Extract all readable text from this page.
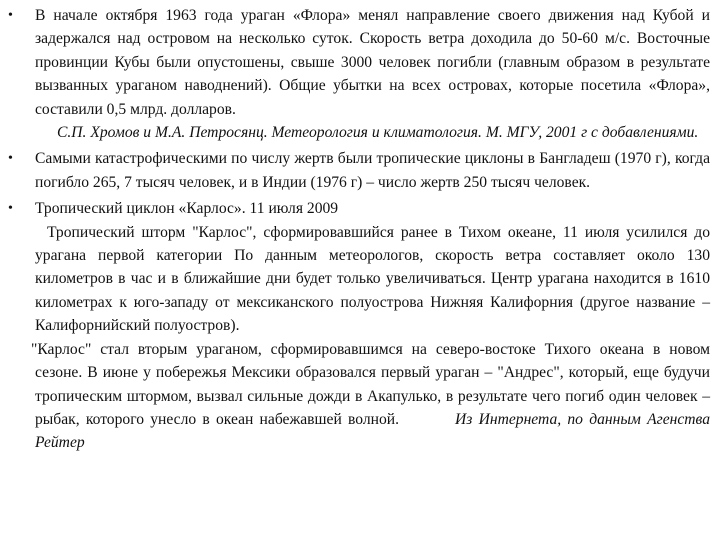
• В начале октября 1963 года ураган «Флора» менял направление своего движения над Кубой и задержался над островом на несколько суток. Скорость ветра доходила до 50-60 м/с. Восточные провинции Кубы были опустошены, свыше 3000 человек погибли (главным образом в результате вызванных ураганом наводнений). Общие убытки на всех островах, которые посетила «Флора», составили 0,5 млрд. долларов.

С.П. Хромов и М.А. Петросянц. Метеорология и климатология. М. МГУ, 2001 г с добавлениями.

• Самыми катастрофическими по числу жертв были тропические циклоны в Бангладеш (1970 г), когда погибло 265, 7 тысяч человек, и в Индии (1976 г) – число жертв 250 тысяч человек.

• Тропический циклон «Карлос». 11 июля 2009

Тропический шторм "Карлос", сформировавшийся ранее в Тихом океане, 11 июля усилился до урагана первой категории По данным метеорологов, скорость ветра составляет около 130 километров в час и в ближайшие дни будет только увеличиваться. Центр урагана находится в 1610 километрах к юго-западу от мексиканского полуострова Нижняя Калифорния (другое название – Калифорнийский полуостров).

"Карлос" стал вторым ураганом, сформировавшимся на северо-востоке Тихого океана в новом сезоне. В июне у побережья Мексики образовался первый ураган – "Андрес", который, еще будучи тропическим штормом, вызвал сильные дожди в Акапулько, в результате чего погиб один человек – рыбак, которого унесло в океан набежавшей волной.	Из Интернета, по данным Агенства Рейтер
